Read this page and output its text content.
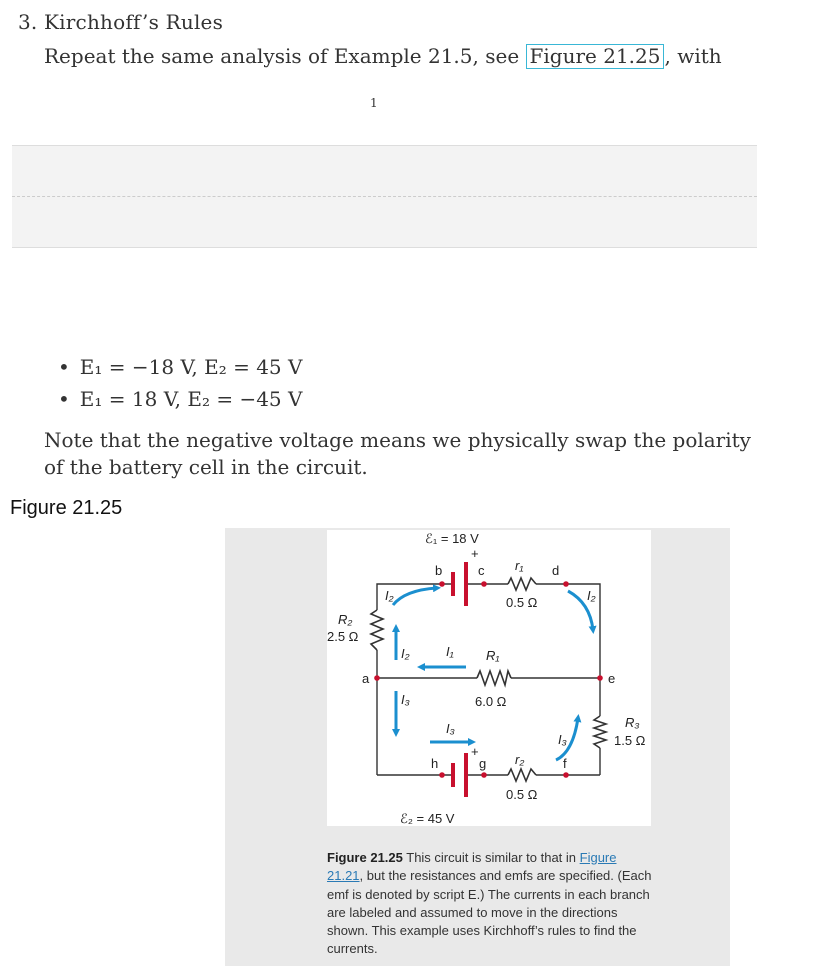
3. Kirchhoff’s Rules
Repeat the same analysis of Example 21.5, see Figure 21.25 , with
1
• E₁ = −18 V, E₂ = 45 V
• E₁ = 18 V, E₂ = −45 V
Note that the negative voltage means we physically swap the polarity of the battery cell in the circuit.
Figure 21.25
ℰ₁ = 18 V
+
b	c r₁ d
0.5 Ω
I₂	I₂
R₂
2.5 Ω
I₂	I₁ R₁
a	e
6.0 Ω
I₃
I₃	R₃
1.5 Ω
I₃
+
h	g r₂	f
0.5 Ω
ℰ₂ = 45 V
Figure 21.25 This circuit is similar to that in Figure 21.21, but the resistances and emfs are specified. (Each emf is denoted by script E.) The currents in each branch are labeled and assumed to move in the directions shown. This example uses Kirchhoff’s rules to find the currents.
